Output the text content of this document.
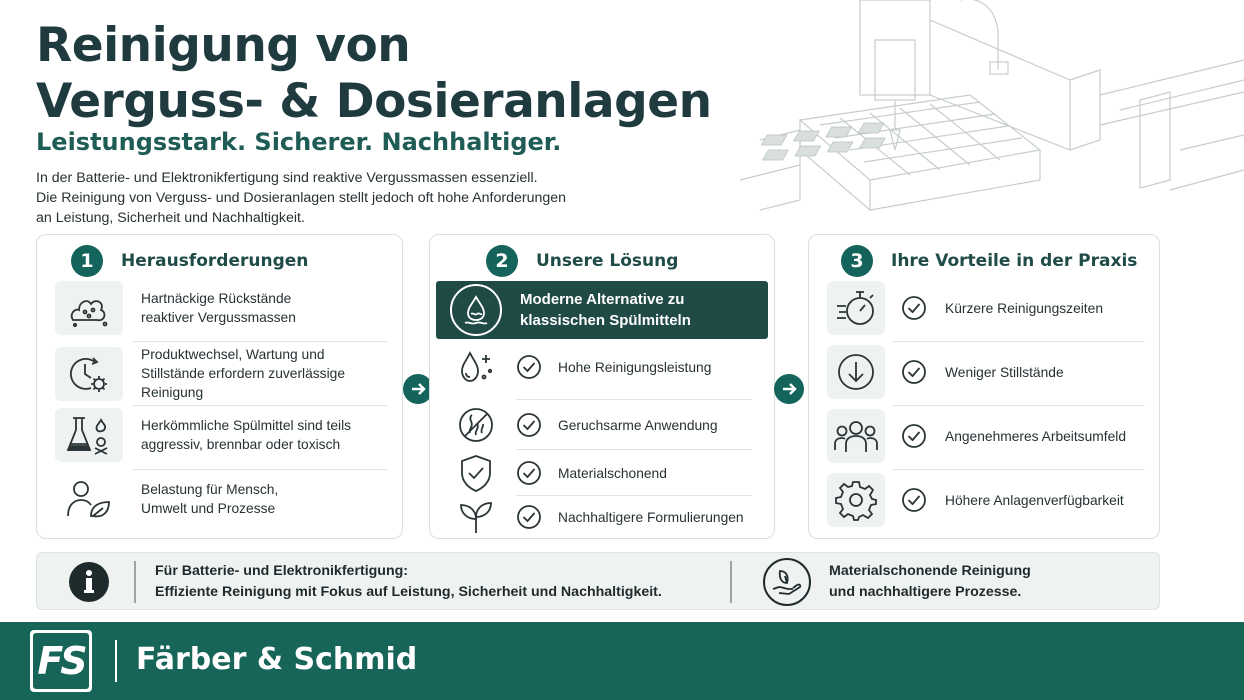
Reinigung von
Verguss- & Dosieranlagen
Leistungsstark. Sicherer. Nachhaltiger.
In der Batterie- und Elektronikfertigung sind reaktive Vergussmassen essenziell.
Die Reinigung von Verguss- und Dosieranlagen stellt jedoch oft hohe Anforderungen
an Leistung, Sicherheit und Nachhaltigkeit.
1	Herausforderungen
Hartnäckige Rückstände
reaktiver Vergussmassen
Produktwechsel, Wartung und
Stillstände erfordern zuverlässige Reinigung
Herkömmliche Spülmittel sind teils
aggressiv, brennbar oder toxisch
Belastung für Mensch,
Umwelt und Prozesse
2	Unsere Lösung
Moderne Alternative zu
klassischen Spülmitteln
Hohe Reinigungsleistung
Geruchsarme Anwendung
Materialschonend
Nachhaltigere Formulierungen
3	Ihre Vorteile in der Praxis
Kürzere Reinigungszeiten
Weniger Stillstände
Angenehmeres Arbeitsumfeld
Höhere Anlagenverfügbarkeit
Für Batterie- und Elektronikfertigung:
Effiziente Reinigung mit Fokus auf Leistung, Sicherheit und Nachhaltigkeit.
Materialschonende Reinigung
und nachhaltigere Prozesse.
FS Färber & Schmid
